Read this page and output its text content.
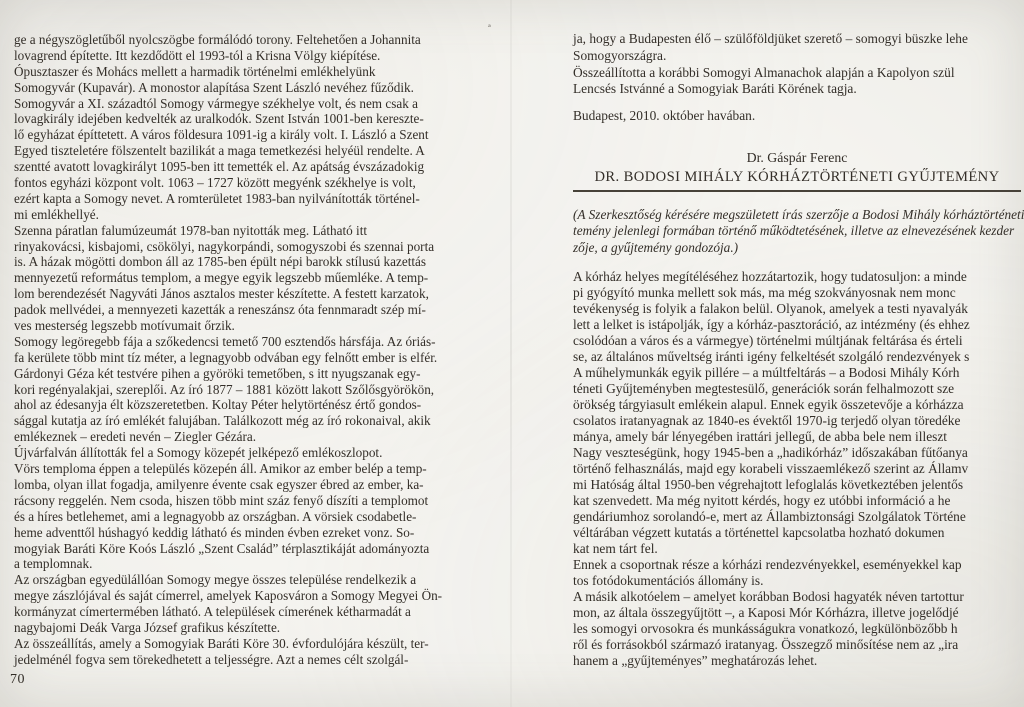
ª
ge a négyszögletűből nyolcszögbe formálódó torony. Feltehetően a Johannita
lovagrend építette. Itt kezdődött el 1993-tól a Krisna Völgy kiépítése.
Ópusztaszer és Mohács mellett a harmadik történelmi emlékhelyünk
Somogyvár (Kupavár). A monostor alapítása Szent László nevéhez fűződik.
Somogyvár a XI. századtól Somogy vármegye székhelye volt, és nem csak a
lovagkirály idejében kedvelték az uralkodók. Szent István 1001-ben kereszte-
lő egyházat építtetett. A város földesura 1091-ig a király volt. I. László a Szent
Egyed tiszteletére fölszentelt bazilikát a maga temetkezési helyéül rendelte. A
szentté avatott lovagkirályt 1095-ben itt temették el. Az apátság évszázadokig
fontos egyházi központ volt. 1063 – 1727 között megyénk székhelye is volt,
ezért kapta a Somogy nevet. A romterületet 1983-ban nyilvánították történel-
mi emlékhellyé.
Szenna páratlan falumúzeumát 1978-ban nyitották meg. Látható itt
rinyakovácsi, kisbajomi, csökölyi, nagykorpándi, somogyszobi és szennai porta
is. A házak mögötti dombon áll az 1785-ben épült népi barokk stílusú kazettás
mennyezetű református templom, a megye egyik legszebb műemléke. A temp-
lom berendezését Nagyváti János asztalos mester készítette. A festett karzatok,
padok mellvédei, a mennyezeti kazetták a reneszánsz óta fennmaradt szép mí-
ves mesterség legszebb motívumait őrzik.
Somogy legöregebb fája a szőkedencsi temető 700 esztendős hársfája. Az óriás-
fa kerülete több mint tíz méter, a legnagyobb odvában egy felnőtt ember is elfér.
Gárdonyi Géza két testvére pihen a györöki temetőben, s itt nyugszanak egy-
kori regényalakjai, szereplői. Az író 1877 – 1881 között lakott Szőlősgyörökön,
ahol az édesanyja élt közszeretetben. Koltay Péter helytörténész értő gondos-
sággal kutatja az író emlékét falujában. Találkozott még az író rokonaival, akik
emlékeznek – eredeti nevén – Ziegler Gézára.
Újvárfalván állították fel a Somogy közepét jelképező emlékoszlopot.
Vörs temploma éppen a település közepén áll. Amikor az ember belép a temp-
lomba, olyan illat fogadja, amilyenre évente csak egyszer ébred az ember, ka-
rácsony reggelén. Nem csoda, hiszen több mint száz fenyő díszíti a templomot
és a híres betlehemet, ami a legnagyobb az országban. A vörsiek csodabetle-
heme adventtől húshagyó keddig látható és minden évben ezreket vonz. So-
mogyiak Baráti Köre Koós László „Szent Család” térplasztikáját adományozta
a templomnak.
Az országban egyedülállóan Somogy megye összes települése rendelkezik a
megye zászlójával és saját címerrel, amelyek Kaposváron a Somogy Megyei Ön-
kormányzat címertermében látható. A települések címerének kétharmadát a
nagybajomi Deák Varga József grafikus készítette.
Az összeállítás, amely a Somogyiak Baráti Köre 30. évfordulójára készült, ter-
jedelménél fogva sem törekedhetett a teljességre. Azt a nemes célt szolgál-
70
ja, hogy a Budapesten élő – szülőföldjüket szerető – somogyi büszke lehe
Somogyországra.
Összeállította a korábbi Somogyi Almanachok alapján a Kapolyon szül
Lencsés Istvánné a Somogyiak Baráti Körének tagja.
Budapest, 2010. október havában.
Dr. Gáspár Ferenc
DR. BODOSI MIHÁLY KÓRHÁZTÖRTÉNETI GYŰJTEMÉNY
(A Szerkesztőség kérésére megszületett írás szerzője a Bodosi Mihály kórháztörténeti
temény jelenlegi formában történő működtetésének, illetve az elnevezésének kezder
zője, a gyűjtemény gondozója.)
A kórház helyes megítéléséhez hozzátartozik, hogy tudatosuljon: a minde
pi gyógyító munka mellett sok más, ma még szokványosnak nem monc
tevékenység is folyik a falakon belül. Olyanok, amelyek a testi nyavalyák
lett a lelket is istápolják, így a kórház-pasztoráció, az intézmény (és ehhez
csolódóan a város és a vármegye) történelmi múltjának feltárása és érteli
se, az általános műveltség iránti igény felkeltését szolgáló rendezvények s
A műhelymunkák egyik pillére – a múltfeltárás – a Bodosi Mihály Kórh
téneti Gyűjteményben megtestesülő, generációk során felhalmozott sze
örökség tárgyiasult emlékein alapul. Ennek egyik összetevője a kórházza
csolatos iratanyagnak az 1840-es évektől 1970-ig terjedő olyan töredéke
mánya, amely bár lényegében irattári jellegű, de abba bele nem illeszt
Nagy veszteségünk, hogy 1945-ben a „hadikórház” időszakában fűtőanya
történő felhasználás, majd egy korabeli visszaemlékező szerint az Államv
mi Hatóság által 1950-ben végrehajtott lefoglalás következtében jelentős
kat szenvedett. Ma még nyitott kérdés, hogy ez utóbbi információ a he
gendáriumhoz sorolandó-e, mert az Állambiztonsági Szolgálatok Történe
véltárában végzett kutatás a történettel kapcsolatba hozható dokumen
kat nem tárt fel.
Ennek a csoportnak része a kórházi rendezvényekkel, eseményekkel kap
tos fotódokumentációs állomány is.
A másik alkotóelem – amelyet korábban Bodosi hagyaték néven tartottur
mon, az általa összegyűjtött –, a Kaposi Mór Kórházra, illetve jogelődjé
les somogyi orvosokra és munkásságukra vonatkozó, legkülönbözőbb h
ről és forrásokból származó iratanyag. Összegző minősítése nem az „ira
hanem a „gyűjteményes” meghatározás lehet.
